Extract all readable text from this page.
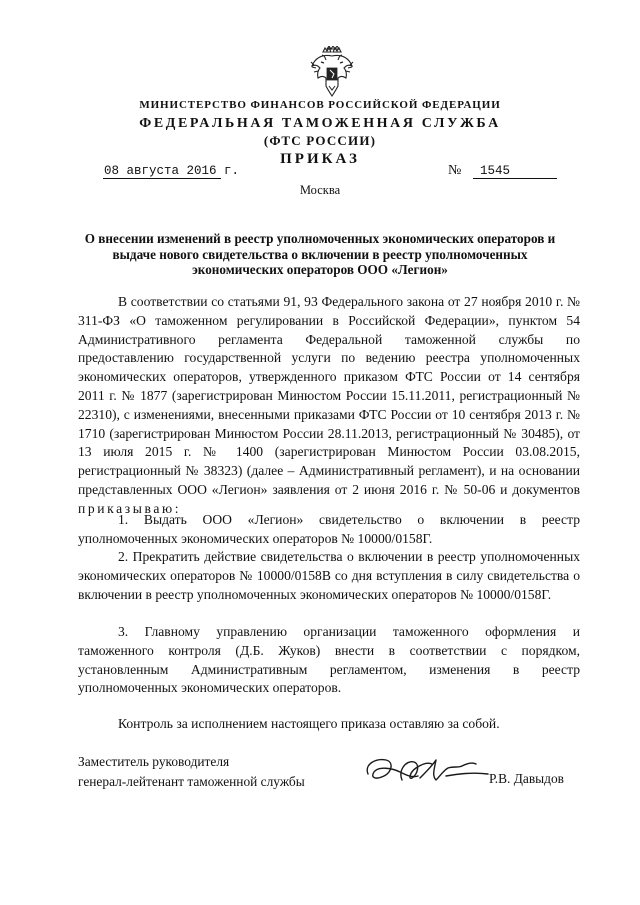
МИНИСТЕРСТВО ФИНАНСОВ РОССИЙСКОЙ ФЕДЕРАЦИИ
ФЕДЕРАЛЬНАЯ ТАМОЖЕННАЯ СЛУЖБА
(ФТС РОССИИ)
ПРИКАЗ
08 августа 2016 г.	№ 1545
Москва
О внесении изменений в реестр уполномоченных экономических операторов и выдаче нового свидетельства о включении в реестр уполномоченных экономических операторов ООО «Легион»
В соответствии со статьями 91, 93 Федерального закона от 27 ноября 2010 г. № 311-ФЗ «О таможенном регулировании в Российской Федерации», пунктом 54 Административного регламента Федеральной таможенной службы по предоставлению государственной услуги по ведению реестра уполномоченных экономических операторов, утвержденного приказом ФТС России от 14 сентября 2011 г. № 1877 (зарегистрирован Минюстом России 15.11.2011, регистрационный № 22310), с изменениями, внесенными приказами ФТС России от 10 сентября 2013 г. № 1710 (зарегистрирован Минюстом России 28.11.2013, регистрационный № 30485), от 13 июля 2015 г. № 1400 (зарегистрирован Минюстом России 03.08.2015, регистрационный № 38323) (далее – Административный регламент), и на основании представленных ООО «Легион» заявления от 2 июня 2016 г. № 50-06 и документов приказываю:
1. Выдать ООО «Легион» свидетельство о включении в реестр уполномоченных экономических операторов № 10000/0158Г.
2. Прекратить действие свидетельства о включении в реестр уполномоченных экономических операторов № 10000/0158В со дня вступления в силу свидетельства о включении в реестр уполномоченных экономических операторов № 10000/0158Г.
3. Главному управлению организации таможенного оформления и таможенного контроля (Д.Б. Жуков) внести в соответствии с порядком, установленным Административным регламентом, изменения в реестр уполномоченных экономических операторов.
Контроль за исполнением настоящего приказа оставляю за собой.
Заместитель руководителя
генерал-лейтенант таможенной службы	Р.В. Давыдов
